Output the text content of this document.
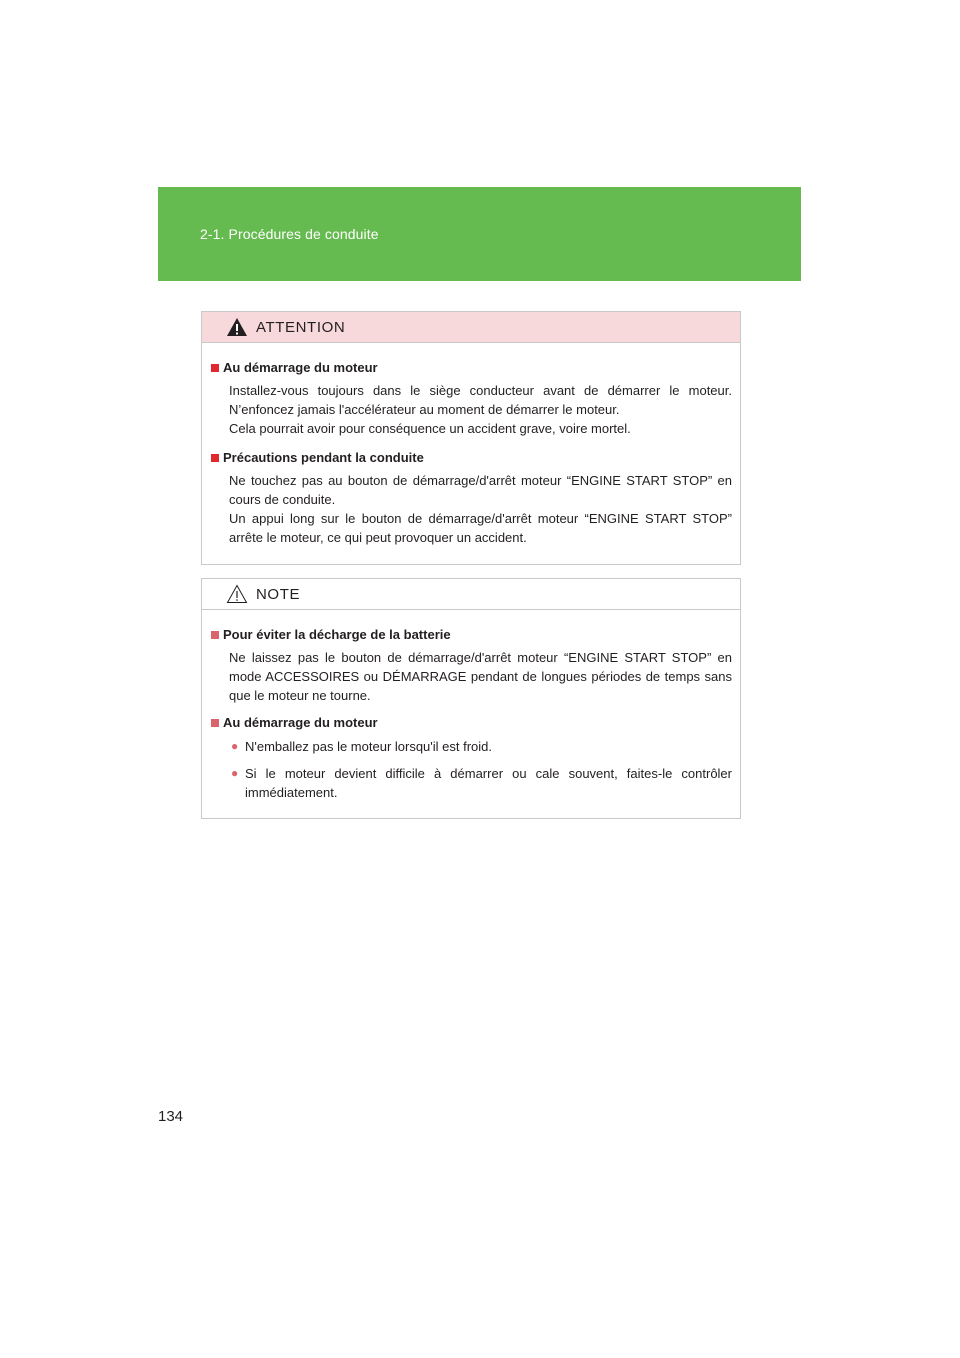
2-1. Procédures de conduite
ATTENTION
Au démarrage du moteur
Installez-vous toujours dans le siège conducteur avant de démarrer le moteur. N’enfoncez jamais l'accélérateur au moment de démarrer le moteur.
Cela pourrait avoir pour conséquence un accident grave, voire mortel.
Précautions pendant la conduite
Ne touchez pas au bouton de démarrage/d'arrêt moteur “ENGINE START STOP” en cours de conduite.
Un appui long sur le bouton de démarrage/d'arrêt moteur “ENGINE START STOP” arrête le moteur, ce qui peut provoquer un accident.
NOTE
Pour éviter la décharge de la batterie
Ne laissez pas le bouton de démarrage/d'arrêt moteur “ENGINE START STOP” en mode ACCESSOIRES ou DÉMARRAGE pendant de longues périodes de temps sans que le moteur ne tourne.
Au démarrage du moteur
● N'emballez pas le moteur lorsqu'il est froid.
● Si le moteur devient difficile à démarrer ou cale souvent, faites-le contrôler immédiatement.
134
